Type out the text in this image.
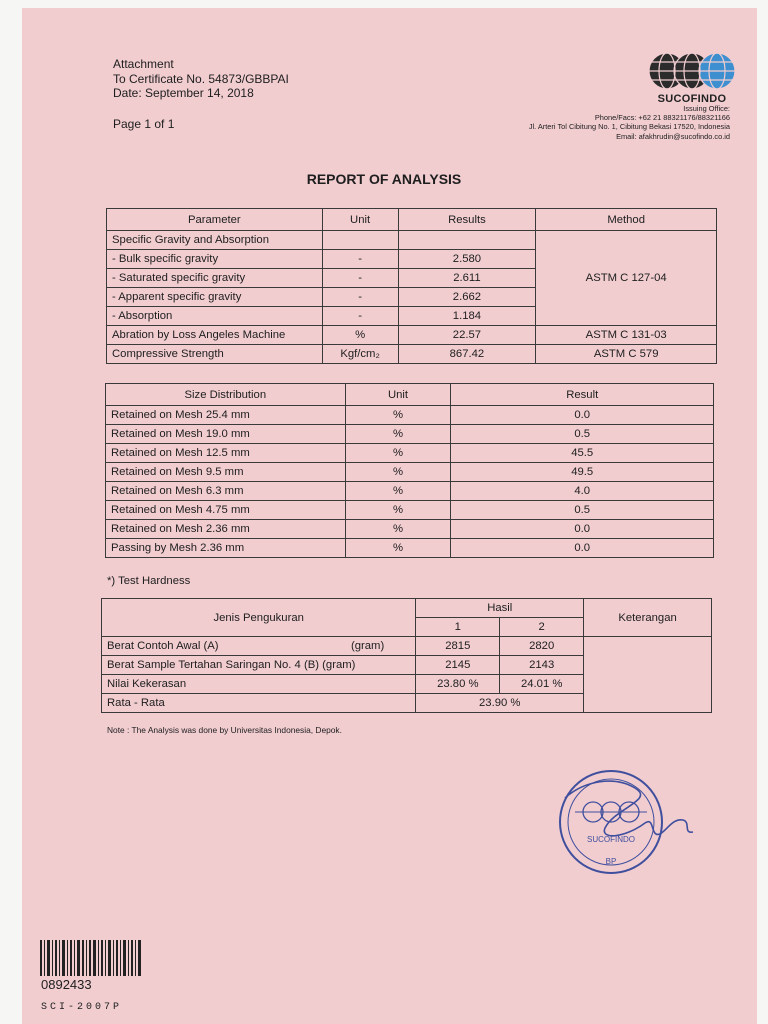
Attachment
To Certificate No. 54873/GBBPAI
Date: September 14, 2018
Page 1 of 1
SUCOFINDO
Issuing Office:
Phone/Facs: +62 21 88321176/88321166
Jl. Arteri Tol Cibitung No. 1, Cibitung Bekasi 17520, Indonesia
Email: afakhrudin@sucofindo.co.id
REPORT OF ANALYSIS
Parameter	Unit	Results	Method
Specific Gravity and Absorption			ASTM C 127-04
- Bulk specific gravity	-	2.580	
- Saturated specific gravity	-	2.611	
- Apparent specific gravity	-	2.662	
- Absorption	-	1.184	
Abration by Loss Angeles Machine	%	22.57	ASTM C 131-03
Compressive Strength	Kgf/cm₂	867.42	ASTM C 579
Size Distribution	Unit	Result
Retained on Mesh 25.4 mm	%	0.0
Retained on Mesh 19.0 mm	%	0.5
Retained on Mesh 12.5 mm	%	45.5
Retained on Mesh 9.5 mm	%	49.5
Retained on Mesh 6.3 mm	%	4.0
Retained on Mesh 4.75 mm	%	0.5
Retained on Mesh 2.36 mm	%	0.0
Passing by Mesh 2.36 mm	%	0.0
*) Test Hardness
Jenis Pengukuran		Hasil		Keterangan
		1	2	
Berat Contoh Awal (A)	(gram)	2815	2820	
Berat Sample Tertahan Saringan No. 4 (B) (gram)		2145	2143	
Nilai Kekerasan		23.80 %	24.01 %	
Rata - Rata		23.90 %		
Note : The Analysis was done by Universitas Indonesia, Depok.
SUCOFINDO
BP
0892433
SCI-2007P
